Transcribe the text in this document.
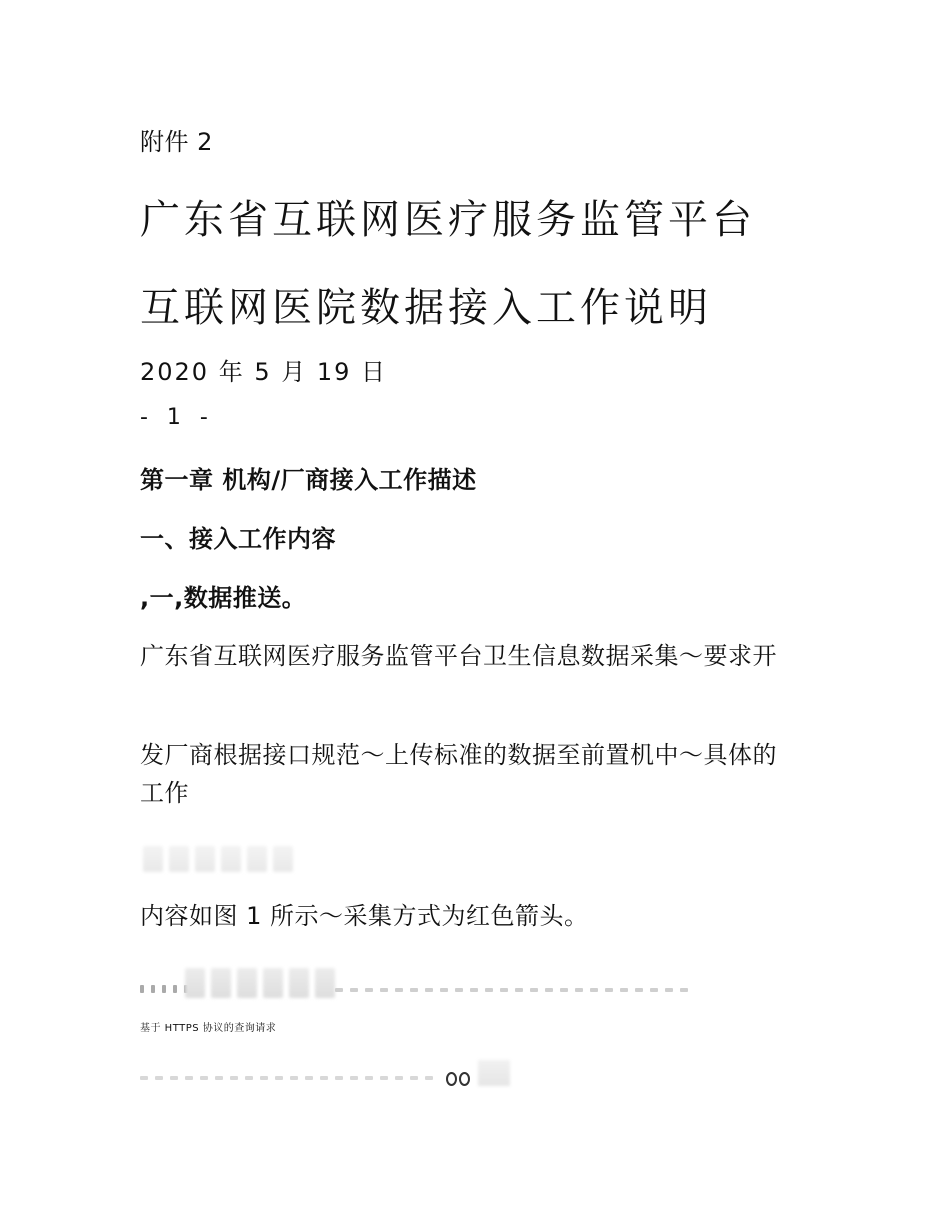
附件 2

广东省互联网医疗服务监管平台
互联网医院数据接入工作说明

2020 年 5 月 19 日

- 1 -

第一章 机构/厂商接入工作描述
一、接入工作内容
,一,数据推送。

广东省互联网医疗服务监管平台卫生信息数据采集～要求开

发厂商根据接口规范～上传标准的数据至前置机中～具体的工作

内容如图 1 所示～采集方式为红色箭头。

基于 HTTPS 协议的查询请求
